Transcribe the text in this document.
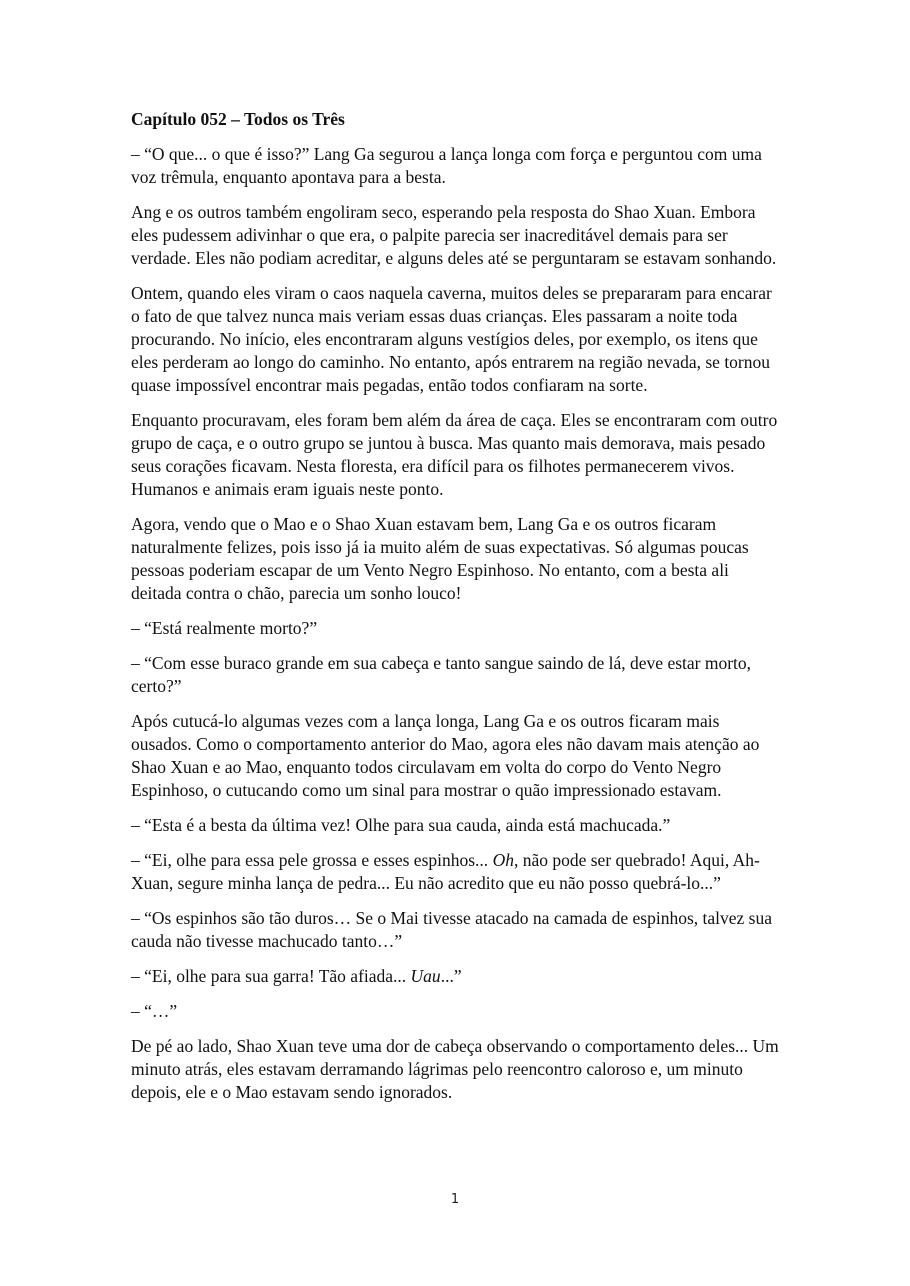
Capítulo 052 – Todos os Três

– “O que... o que é isso?” Lang Ga segurou a lança longa com força e perguntou com uma voz trêmula, enquanto apontava para a besta.

Ang e os outros também engoliram seco, esperando pela resposta do Shao Xuan. Embora eles pudessem adivinhar o que era, o palpite parecia ser inacreditável demais para ser verdade. Eles não podiam acreditar, e alguns deles até se perguntaram se estavam sonhando.

Ontem, quando eles viram o caos naquela caverna, muitos deles se prepararam para encarar o fato de que talvez nunca mais veriam essas duas crianças. Eles passaram a noite toda procurando. No início, eles encontraram alguns vestígios deles, por exemplo, os itens que eles perderam ao longo do caminho. No entanto, após entrarem na região nevada, se tornou quase impossível encontrar mais pegadas, então todos confiaram na sorte.

Enquanto procuravam, eles foram bem além da área de caça. Eles se encontraram com outro grupo de caça, e o outro grupo se juntou à busca. Mas quanto mais demorava, mais pesado seus corações ficavam. Nesta floresta, era difícil para os filhotes permanecerem vivos. Humanos e animais eram iguais neste ponto.

Agora, vendo que o Mao e o Shao Xuan estavam bem, Lang Ga e os outros ficaram naturalmente felizes, pois isso já ia muito além de suas expectativas. Só algumas poucas pessoas poderiam escapar de um Vento Negro Espinhoso. No entanto, com a besta ali deitada contra o chão, parecia um sonho louco!

– “Está realmente morto?”

– “Com esse buraco grande em sua cabeça e tanto sangue saindo de lá, deve estar morto, certo?”

Após cutucá-lo algumas vezes com a lança longa, Lang Ga e os outros ficaram mais ousados. Como o comportamento anterior do Mao, agora eles não davam mais atenção ao Shao Xuan e ao Mao, enquanto todos circulavam em volta do corpo do Vento Negro Espinhoso, o cutucando como um sinal para mostrar o quão impressionado estavam.

– “Esta é a besta da última vez! Olhe para sua cauda, ainda está machucada.”

– “Ei, olhe para essa pele grossa e esses espinhos... Oh, não pode ser quebrado! Aqui, Ah-Xuan, segure minha lança de pedra... Eu não acredito que eu não posso quebrá-lo...”

– “Os espinhos são tão duros… Se o Mai tivesse atacado na camada de espinhos, talvez sua cauda não tivesse machucado tanto…”

– “Ei, olhe para sua garra! Tão afiada... Uau...”

– “…”

De pé ao lado, Shao Xuan teve uma dor de cabeça observando o comportamento deles... Um minuto atrás, eles estavam derramando lágrimas pelo reencontro caloroso e, um minuto depois, ele e o Mao estavam sendo ignorados.

1
